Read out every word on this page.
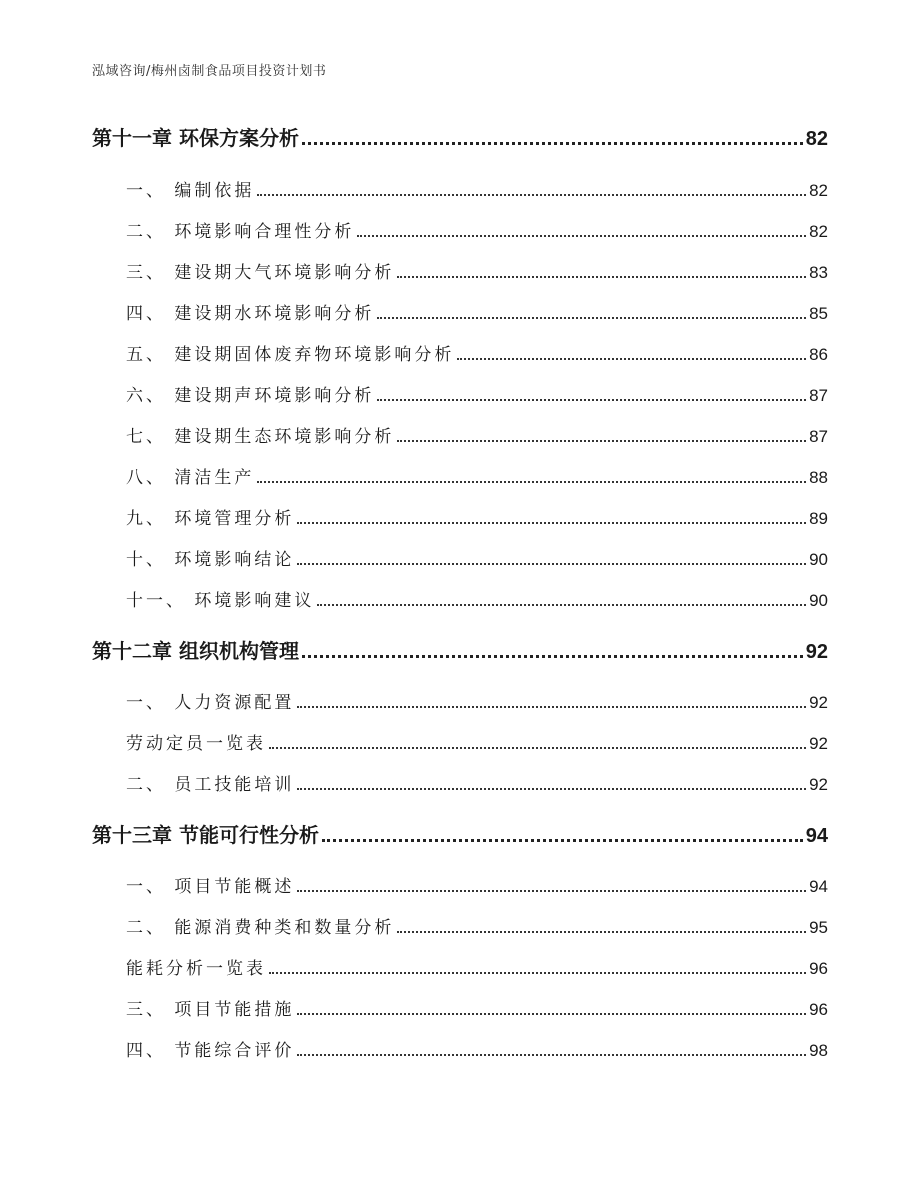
泓域咨询/梅州卤制食品项目投资计划书
第十一章 环保方案分析	82
一、 编制依据	82
二、 环境影响合理性分析	82
三、 建设期大气环境影响分析	83
四、 建设期水环境影响分析	85
五、 建设期固体废弃物环境影响分析	86
六、 建设期声环境影响分析	87
七、 建设期生态环境影响分析	87
八、 清洁生产	88
九、 环境管理分析	89
十、 环境影响结论	90
十一、 环境影响建议	90
第十二章 组织机构管理	92
一、 人力资源配置	92
劳动定员一览表	92
二、 员工技能培训	92
第十三章 节能可行性分析	94
一、 项目节能概述	94
二、 能源消费种类和数量分析	95
能耗分析一览表	96
三、 项目节能措施	96
四、 节能综合评价	98
